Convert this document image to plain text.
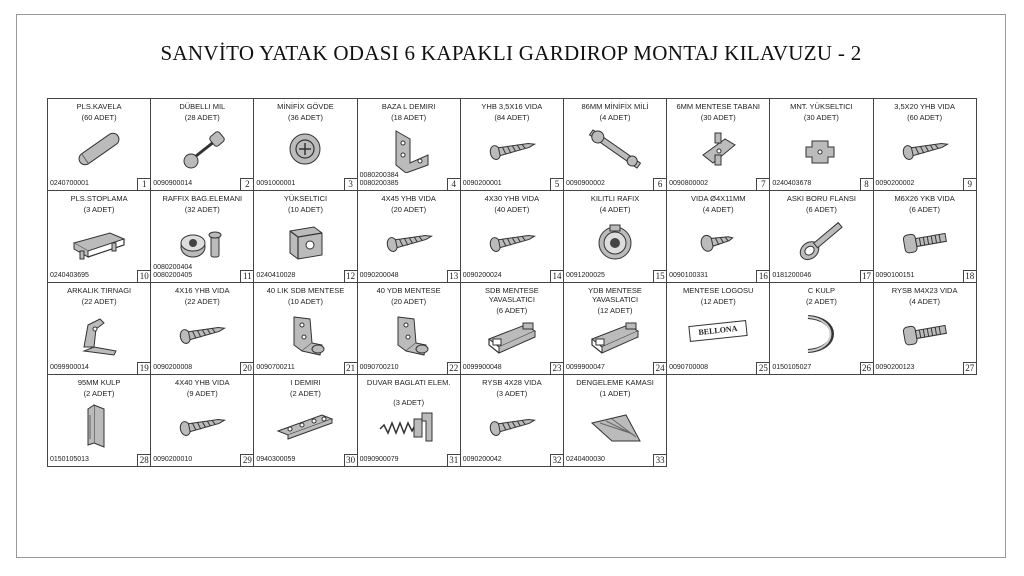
SANVİTO YATAK ODASI 6 KAPAKLI GARDIROP MONTAJ KILAVUZU - 2
PLS.KAVELA
(60 ADET)
0240700001	1
DÜBELLI MIL
(28 ADET)
0090900014	2
MİNİFİX GÖVDE
(36 ADET)
0091000001	3
BAZA L DEMIRI
(18 ADET)
0080200384
0080200385	4
YHB 3,5X16 VIDA
(84 ADET)
0090200001	5
86MM MİNİFİX MİLİ
(4 ADET)
0090900002	6
6MM MENTESE TABANI
(30 ADET)
0090800002	7
MNT. YÜKSELTICI
(30 ADET)
0240403678	8
3,5X20 YHB VIDA
(60 ADET)
0090200002	9
PLS.STOPLAMA
(3 ADET)
0240403695	10
RAFFIX BAG.ELEMANI
(32 ADET)
0080200404
0080200405	11
YÜKSELTICI
(10 ADET)
0240410028	12
4X45 YHB VIDA
(20 ADET)
0090200048	13
4X30 YHB VIDA
(40 ADET)
0090200024	14
KILITLI RAFIX
(4 ADET)
0091200025	15
VIDA Ø4X11MM
(4 ADET)
0090100331	16
ASKI BORU FLANSI
(6 ADET)
0181200046	17
M6X26 YKB VIDA
(6 ADET)
0090100151	18
ARKALIK TIRNAGI
(22 ADET)
0099900014	19
4X16 YHB VIDA
(22 ADET)
0090200008	20
40 LIK SDB MENTESE
(10 ADET)
0090700211	21
40 YDB MENTESE
(20 ADET)
0090700210	22
SDB MENTESE YAVASLATICI
(6 ADET)
0099900048	23
YDB MENTESE YAVASLATICI
(12 ADET)
0099900047	24
MENTESE LOGOSU
(12 ADET)
BELLONA
0090700008	25
C KULP
(2 ADET)
0150105027	26
RYSB M4X23 VIDA
(4 ADET)
0090200123	27
95MM KULP
(2 ADET)
0150105013	28
4X40 YHB VIDA
(9 ADET)
0090200010	29
I DEMIRI
(2 ADET)
0940300059	30
DUVAR BAGLATI ELEM.
(3 ADET)
0090900079	31
RYSB 4X28 VIDA
(3 ADET)
0090200042	32
DENGELEME KAMASI
(1 ADET)
0240400030	33
